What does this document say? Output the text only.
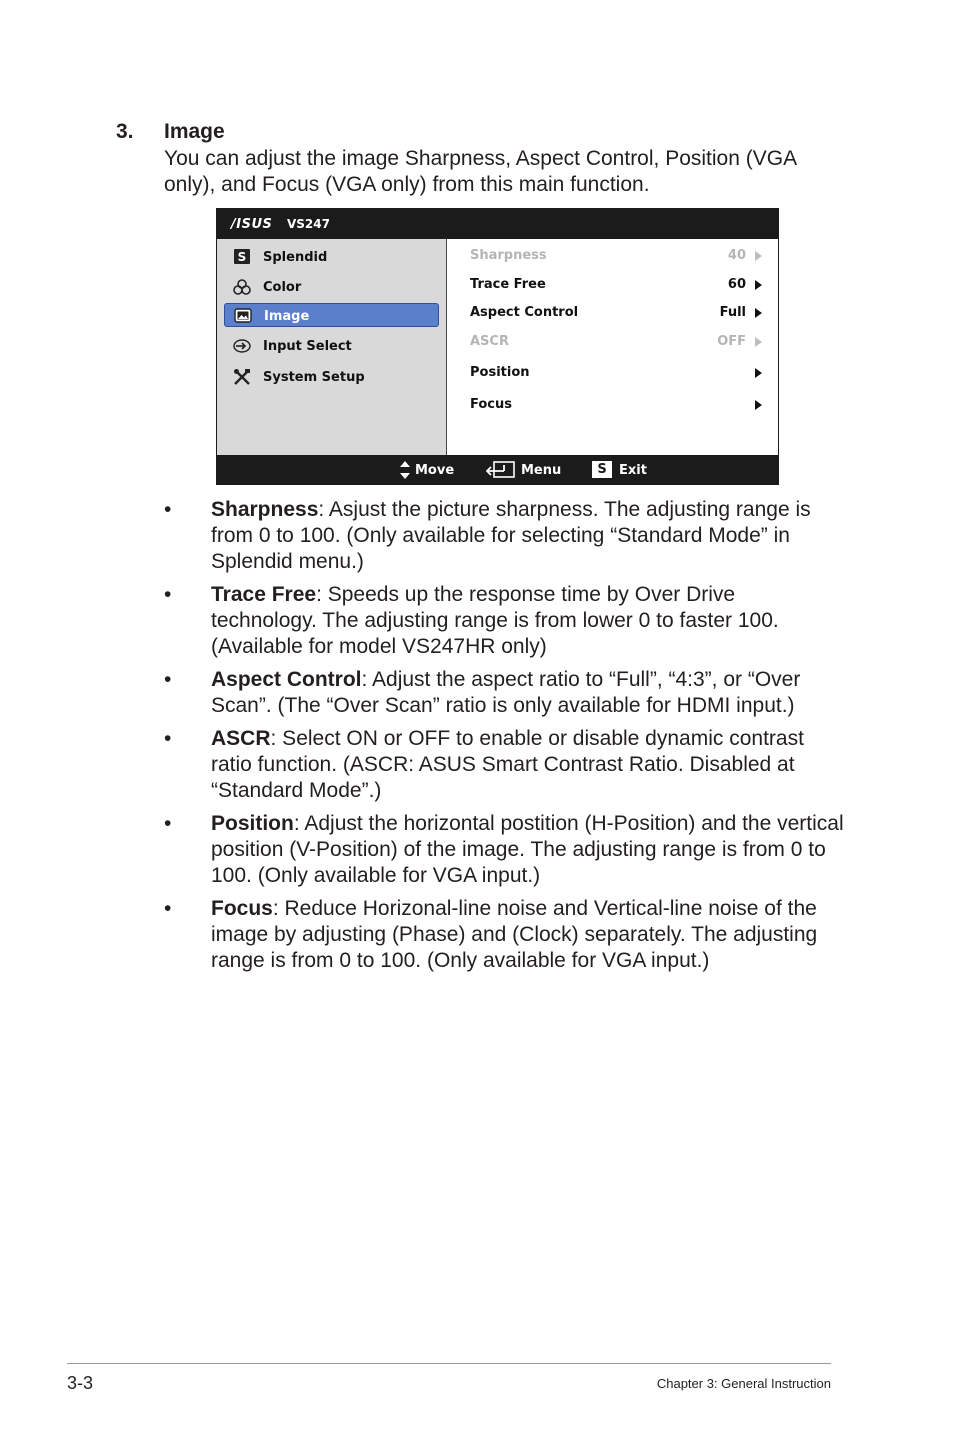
3. Image
You can adjust the image Sharpness, Aspect Control, Position (VGA only), and Focus (VGA only) from this main function.
/ISUS VS247
S Splendid
Color
Image
Input Select
System Setup
Sharpness	40
Trace Free	60
Aspect Control	Full
ASCR	OFF
Position
Focus
Move	Menu	S Exit
• Sharpness: Asjust the picture sharpness. The adjusting range is from 0 to 100. (Only available for selecting “Standard Mode” in Splendid menu.)
• Trace Free: Speeds up the response time by Over Drive technology. The adjusting range is from lower 0 to faster 100. (Available for model VS247HR only)
• Aspect Control: Adjust the aspect ratio to “Full”, “4:3”, or “Over Scan”. (The “Over Scan” ratio is only available for HDMI input.)
• ASCR: Select ON or OFF to enable or disable dynamic contrast ratio function. (ASCR: ASUS Smart Contrast Ratio. Disabled at “Standard Mode”.)
• Position: Adjust the horizontal postition (H-Position) and the vertical position (V-Position) of the image. The adjusting range is from 0 to 100. (Only available for VGA input.)
• Focus: Reduce Horizonal-line noise and Vertical-line noise of the image by adjusting (Phase) and (Clock) separately. The adjusting range is from 0 to 100. (Only available for VGA input.)
3-3	Chapter 3: General Instruction
